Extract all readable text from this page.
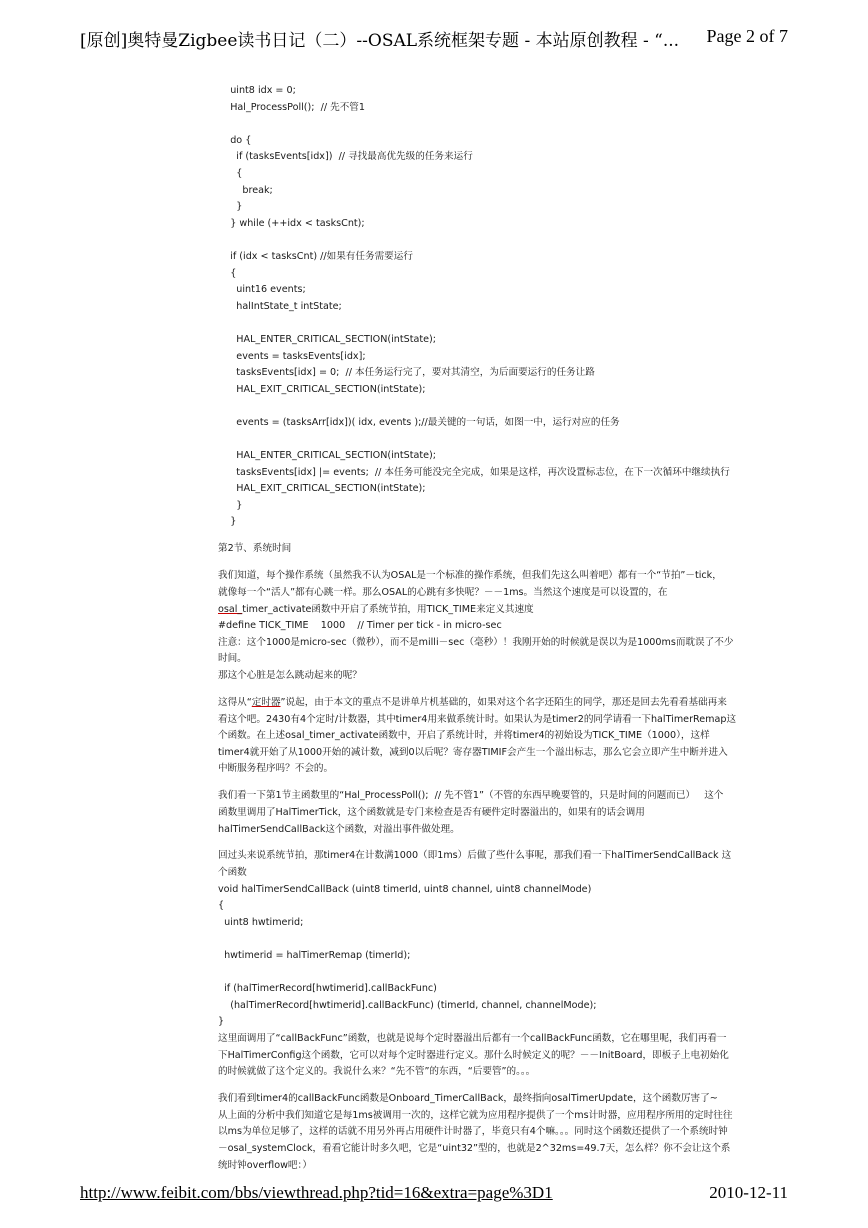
[原创]奥特曼Zigbee读书日记（二）--OSAL系统框架专题 - 本站原创教程 - “... Page 2 of 7
uint8 idx = 0;
Hal_ProcessPoll();  // 先不管1
do {
if (tasksEvents[idx])  // 寻找最高优先级的任务来运行
{
break;
}
} while (++idx < tasksCnt);
if (idx < tasksCnt) //如果有任务需要运行
{
uint16 events;
halIntState_t intState;
HAL_ENTER_CRITICAL_SECTION(intState);
events = tasksEvents[idx];
tasksEvents[idx] = 0;  // 本任务运行完了，要对其清空，为后面要运行的任务让路
HAL_EXIT_CRITICAL_SECTION(intState);
events = (tasksArr[idx])( idx, events );//最关键的一句话，如图一中，运行对应的任务
HAL_ENTER_CRITICAL_SECTION(intState);
tasksEvents[idx] |= events;  // 本任务可能没完全完成，如果是这样，再次设置标志位，在下一次循环中继续执行
HAL_EXIT_CRITICAL_SECTION(intState);
}
}
第2节、系统时间
我们知道，每个操作系统（虽然我不认为OSAL是一个标准的操作系统，但我们先这么叫着吧）都有一个“节拍”－tick，
就像每一个“活人”都有心跳一样。那么OSAL的心跳有多快呢？－－1ms。当然这个速度是可以设置的，在
osal_timer_activate函数中开启了系统节拍，用TICK_TIME来定义其速度
#define TICK_TIME    1000    // Timer per tick - in micro-sec
注意：这个1000是micro-sec（微秒），而不是milli－sec（毫秒）！我刚开始的时候就是误以为是1000ms而耽误了不少
时间。
那这个心脏是怎么跳动起来的呢？
这得从“定时器”说起，由于本文的重点不是讲单片机基础的，如果对这个名字还陌生的同学，那还是回去先看看基础再来
看这个吧。2430有4个定时/计数器，其中timer4用来做系统计时。如果认为是timer2的同学请看一下halTimerRemap这
个函数。在上述osal_timer_activate函数中，开启了系统计时，并将timer4的初始设为TICK_TIME（1000），这样
timer4就开始了从1000开始的减计数，减到0以后呢？寄存器TIMIF会产生一个溢出标志，那么它会立即产生中断并进入
中断服务程序吗？不会的。
我们看一下第1节主函数里的“Hal_ProcessPoll();  // 先不管1”（不管的东西早晚要管的，只是时间的问题而已）   这个
函数里调用了HalTimerTick，这个函数就是专门来检查是否有硬件定时器溢出的，如果有的话会调用
halTimerSendCallBack这个函数，对溢出事件做处理。
回过头来说系统节拍，那timer4在计数满1000（即1ms）后做了些什么事呢，那我们看一下halTimerSendCallBack 这
个函数
void halTimerSendCallBack (uint8 timerId, uint8 channel, uint8 channelMode)
{
uint8 hwtimerid;
hwtimerid = halTimerRemap (timerId);
if (halTimerRecord[hwtimerid].callBackFunc)
(halTimerRecord[hwtimerid].callBackFunc) (timerId, channel, channelMode);
}
这里面调用了“callBackFunc”函数，也就是说每个定时器溢出后都有一个callBackFunc函数，它在哪里呢，我们再看一
下HalTimerConfig这个函数，它可以对每个定时器进行定义。那什么时候定义的呢？－－InitBoard，即板子上电初始化
的时候就做了这个定义的。我说什么来？“先不管”的东西，“后要管”的。。。
我们看到timer4的callBackFunc函数是Onboard_TimerCallBack，最终指向osalTimerUpdate，这个函数厉害了~
从上面的分析中我们知道它是每1ms被调用一次的，这样它就为应用程序提供了一个ms计时器，应用程序所用的定时往往
以ms为单位足够了，这样的话就不用另外再占用硬件计时器了，毕竟只有4个嘛。。。同时这个函数还提供了一个系统时钟
－osal_systemClock，看看它能计时多久吧，它是“uint32”型的，也就是2^32ms=49.7天，怎么样？你不会让这个系
统时钟overflow吧：）
http://www.feibit.com/bbs/viewthread.php?tid=16&extra=page%3D1	2010-12-11
